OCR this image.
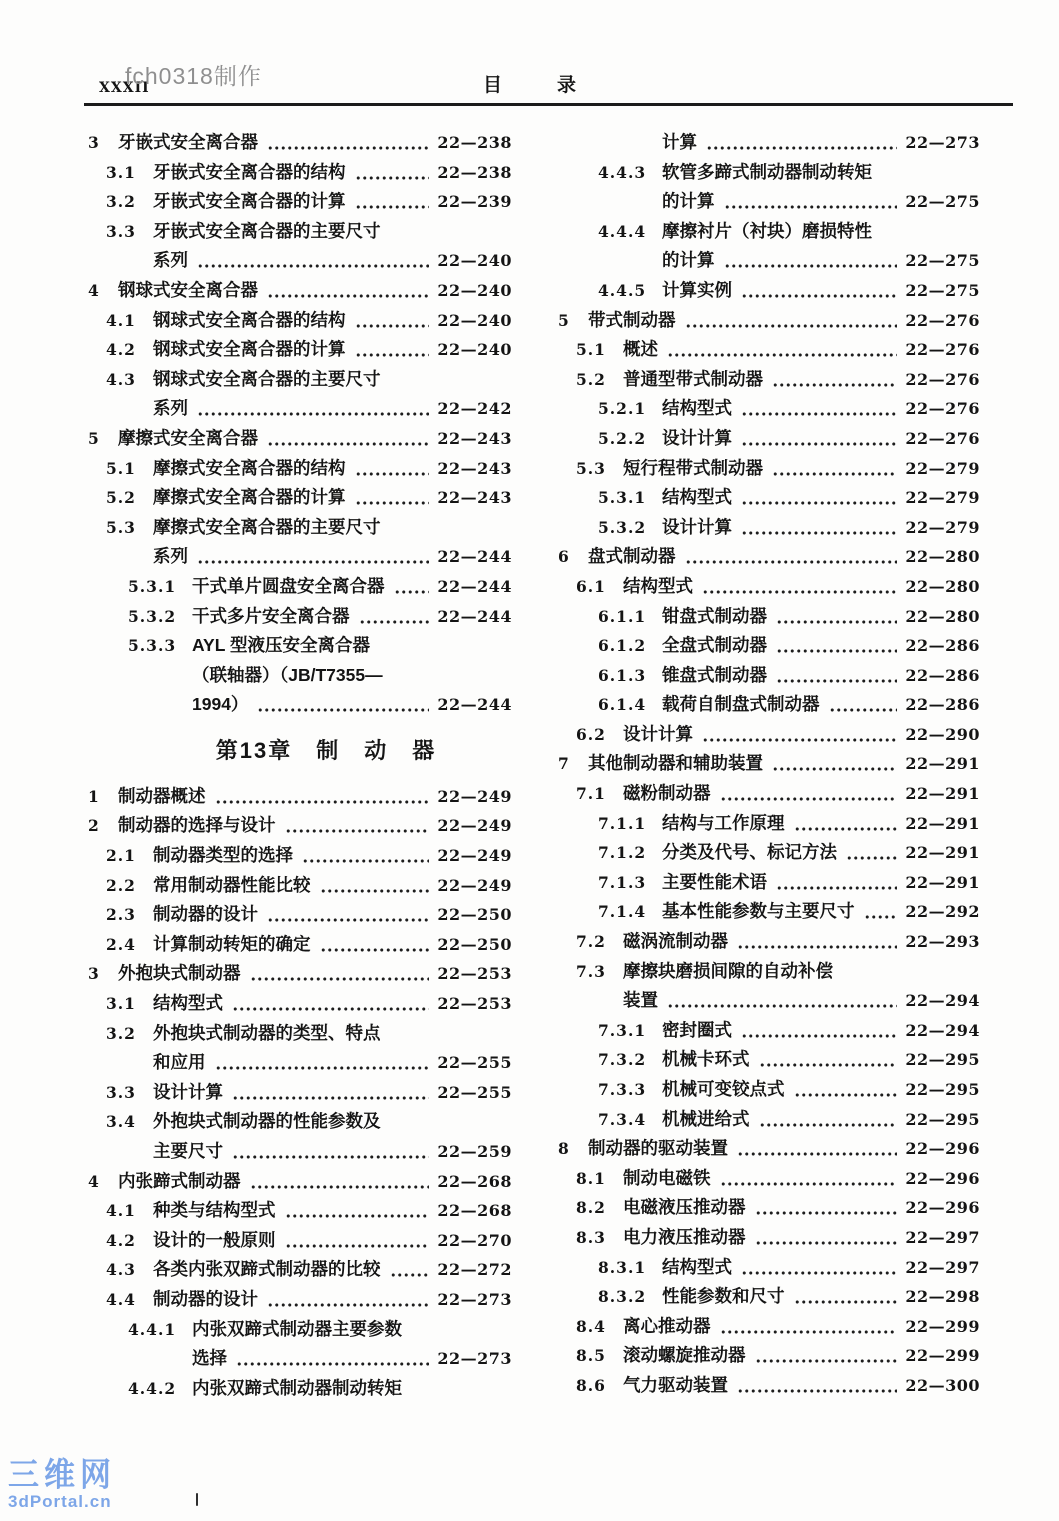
XXXII
fch0318制作	目　录
3	牙嵌式安全离合器	22—238
3.1 牙嵌式安全离合器的结构	22—238
3.2 牙嵌式安全离合器的计算	22—239
3.3 牙嵌式安全离合器的主要尺寸
系列	22—240
4	钢球式安全离合器	22—240
4.1 钢球式安全离合器的结构	22—240
4.2 钢球式安全离合器的计算	22—240
4.3 钢球式安全离合器的主要尺寸
系列	22—242
5	摩擦式安全离合器	22—243
5.1 摩擦式安全离合器的结构	22—243
5.2 摩擦式安全离合器的计算	22—243
5.3 摩擦式安全离合器的主要尺寸
系列	22—244
5.3.1 干式单片圆盘安全离合器	22—244
5.3.2 干式多片安全离合器	22—244
5.3.3 AYL 型液压安全离合器
（联轴器）（JB/T7355—
1994）	22—244
第13章　制　动　器
1	制动器概述	22—249
2	制动器的选择与设计	22—249
2.1 制动器类型的选择	22—249
2.2 常用制动器性能比较	22—249
2.3 制动器的设计	22—250
2.4 计算制动转矩的确定	22—250
3	外抱块式制动器	22—253
3.1 结构型式	22—253
3.2 外抱块式制动器的类型、特点
和应用	22—255
3.3 设计计算	22—255
3.4 外抱块式制动器的性能参数及
主要尺寸	22—259
4	内张蹄式制动器	22—268
4.1 种类与结构型式	22—268
4.2 设计的一般原则	22—270
4.3 各类内张双蹄式制动器的比较	22—272
4.4 制动器的设计	22—273
4.4.1 内张双蹄式制动器主要参数
选择	22—273
4.4.2 内张双蹄式制动器制动转矩
计算	22—273
4.4.3 软管多蹄式制动器制动转矩
的计算	22—275
4.4.4 摩擦衬片（衬块）磨损特性
的计算	22—275
4.4.5 计算实例	22—275
5	带式制动器	22—276
5.1 概述	22—276
5.2 普通型带式制动器	22—276
5.2.1 结构型式	22—276
5.2.2 设计计算	22—276
5.3 短行程带式制动器	22—279
5.3.1 结构型式	22—279
5.3.2 设计计算	22—279
6	盘式制动器	22—280
6.1 结构型式	22—280
6.1.1 钳盘式制动器	22—280
6.1.2 全盘式制动器	22—286
6.1.3 锥盘式制动器	22—286
6.1.4 载荷自制盘式制动器	22—286
6.2 设计计算	22—290
7	其他制动器和辅助装置	22—291
7.1 磁粉制动器	22—291
7.1.1 结构与工作原理	22—291
7.1.2 分类及代号、标记方法	22—291
7.1.3 主要性能术语	22—291
7.1.4 基本性能参数与主要尺寸	22—292
7.2 磁涡流制动器	22—293
7.3 摩擦块磨损间隙的自动补偿
装置	22—294
7.3.1 密封圈式	22—294
7.3.2 机械卡环式	22—295
7.3.3 机械可变铰点式	22—295
7.3.4 机械进给式	22—295
8	制动器的驱动装置	22—296
8.1 制动电磁铁	22—296
8.2 电磁液压推动器	22—296
8.3 电力液压推动器	22—297
8.3.1 结构型式	22—297
8.3.2 性能参数和尺寸	22—298
8.4 离心推动器	22—299
8.5 滚动螺旋推动器	22—299
8.6 气力驱动装置	22—300
三维网
3dPortal.cn
